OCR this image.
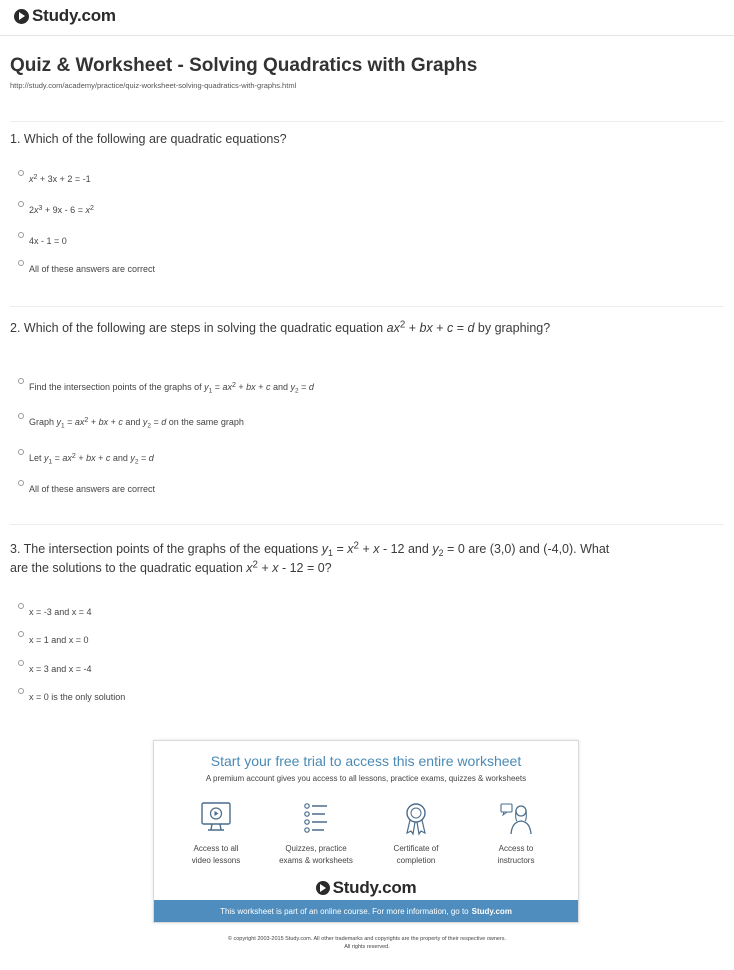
Study.com
Quiz & Worksheet - Solving Quadratics with Graphs
http://study.com/academy/practice/quiz-worksheet-solving-quadratics-with-graphs.html
1. Which of the following are quadratic equations?
$x^2 + 3x + 2 = -1$
$2x^3 + 9x - 6 = x^2$
4x - 1 = 0
All of these answers are correct
2. Which of the following are steps in solving the quadratic equation $ax^2$ + bx + c = d by graphing?
Find the intersection points of the graphs of $y_1 = ax^2$ + bx + c and $y_2 = d$
Graph $y_1 = ax^2$ + bx + c and $y_2 = d$ on the same graph
Let $y_1 = ax^2$ + bx + c and $y_2 = d$
All of these answers are correct
3. The intersection points of the graphs of the equations $y_1 = x^2 + x - 12$ and $y_2 = 0$ are (3,0) and (-4,0). What are the solutions to the quadratic equation $x^2 + x - 12 = 0$?
x = -3 and x = 4
x = 1 and x = 0
x = 3 and x = -4
x = 0 is the only solution
Start your free trial to access this entire worksheet
A premium account gives you access to all lessons, practice exams, quizzes & worksheets
Access to all
video lessons
Quizzes, practice
exams & worksheets
Certificate of
completion
Access to
instructors
Study.com
This worksheet is part of an online course. For more information, go to Study.com
© copyright 2003-2015 Study.com. All other trademarks and copyrights are the property of their respective owners.
All rights reserved.
